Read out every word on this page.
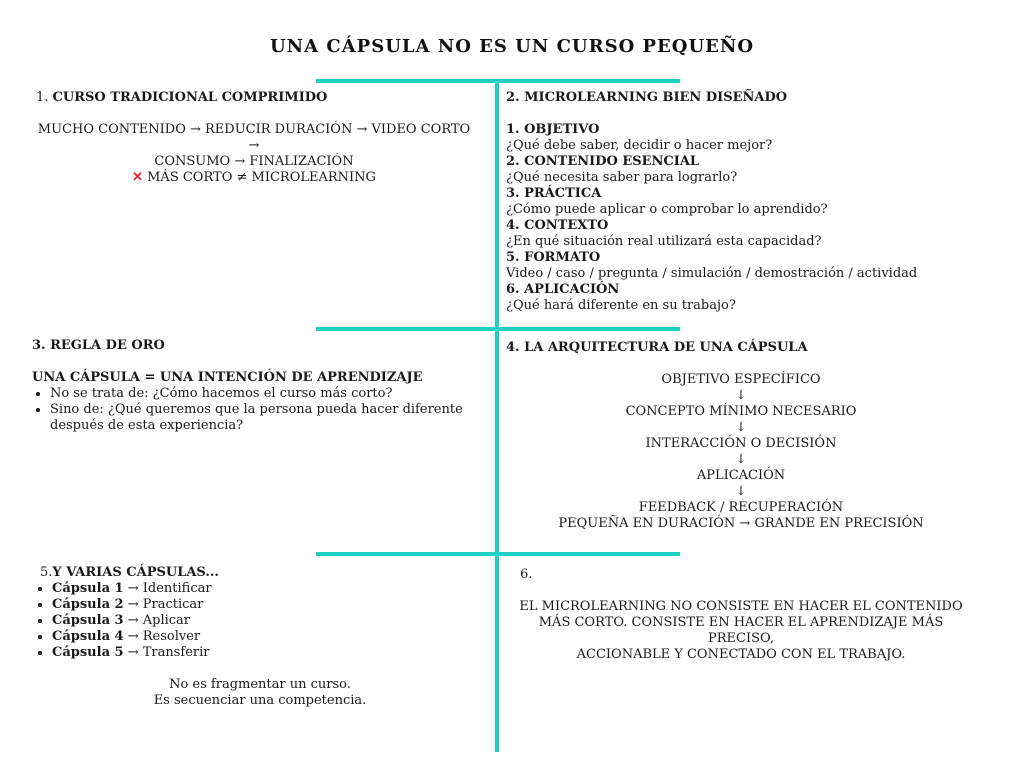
UNA CÁPSULA NO ES UN CURSO PEQUEÑO
1. CURSO TRADICIONAL COMPRIMIDO
MUCHO CONTENIDO → REDUCIR DURACIÓN → VIDEO CORTO →
CONSUMO → FINALIZACIÓN
✕ MÁS CORTO ≠ MICROLEARNING
2. MICROLEARNING BIEN DISEÑADO
1. OBJETIVO
¿Qué debe saber, decidir o hacer mejor?
2. CONTENIDO ESENCIAL
¿Qué necesita saber para lograrlo?
3. PRÁCTICA
¿Cómo puede aplicar o comprobar lo aprendido?
4. CONTEXTO
¿En qué situación real utilizará esta capacidad?
5. FORMATO
Video / caso / pregunta / simulación / demostración / actividad
6. APLICACIÓN
¿Qué hará diferente en su trabajo?
3. REGLA DE ORO
UNA CÁPSULA = UNA INTENCIÓN DE APRENDIZAJE
• No se trata de: ¿Cómo hacemos el curso más corto?
• Sino de: ¿Qué queremos que la persona pueda hacer diferente después de esta experiencia?
4. LA ARQUITECTURA DE UNA CÁPSULA
OBJETIVO ESPECÍFICO
↓
CONCEPTO MÍNIMO NECESARIO
↓
INTERACCIÓN O DECISIÓN
↓
APLICACIÓN
↓
FEEDBACK / RECUPERACIÓN
PEQUEÑA EN DURACIÓN → GRANDE EN PRECISIÓN
5.Y VARIAS CÁPSULAS...
• Cápsula 1 → Identificar
• Cápsula 2 → Practicar
• Cápsula 3 → Aplicar
• Cápsula 4 → Resolver
• Cápsula 5 → Transferir
No es fragmentar un curso.
Es secuenciar una competencia.
6.
EL MICROLEARNING NO CONSISTE EN HACER EL CONTENIDO
MÁS CORTO. CONSISTE EN HACER EL APRENDIZAJE MÁS PRECISO,
ACCIONABLE Y CONECTADO CON EL TRABAJO.
